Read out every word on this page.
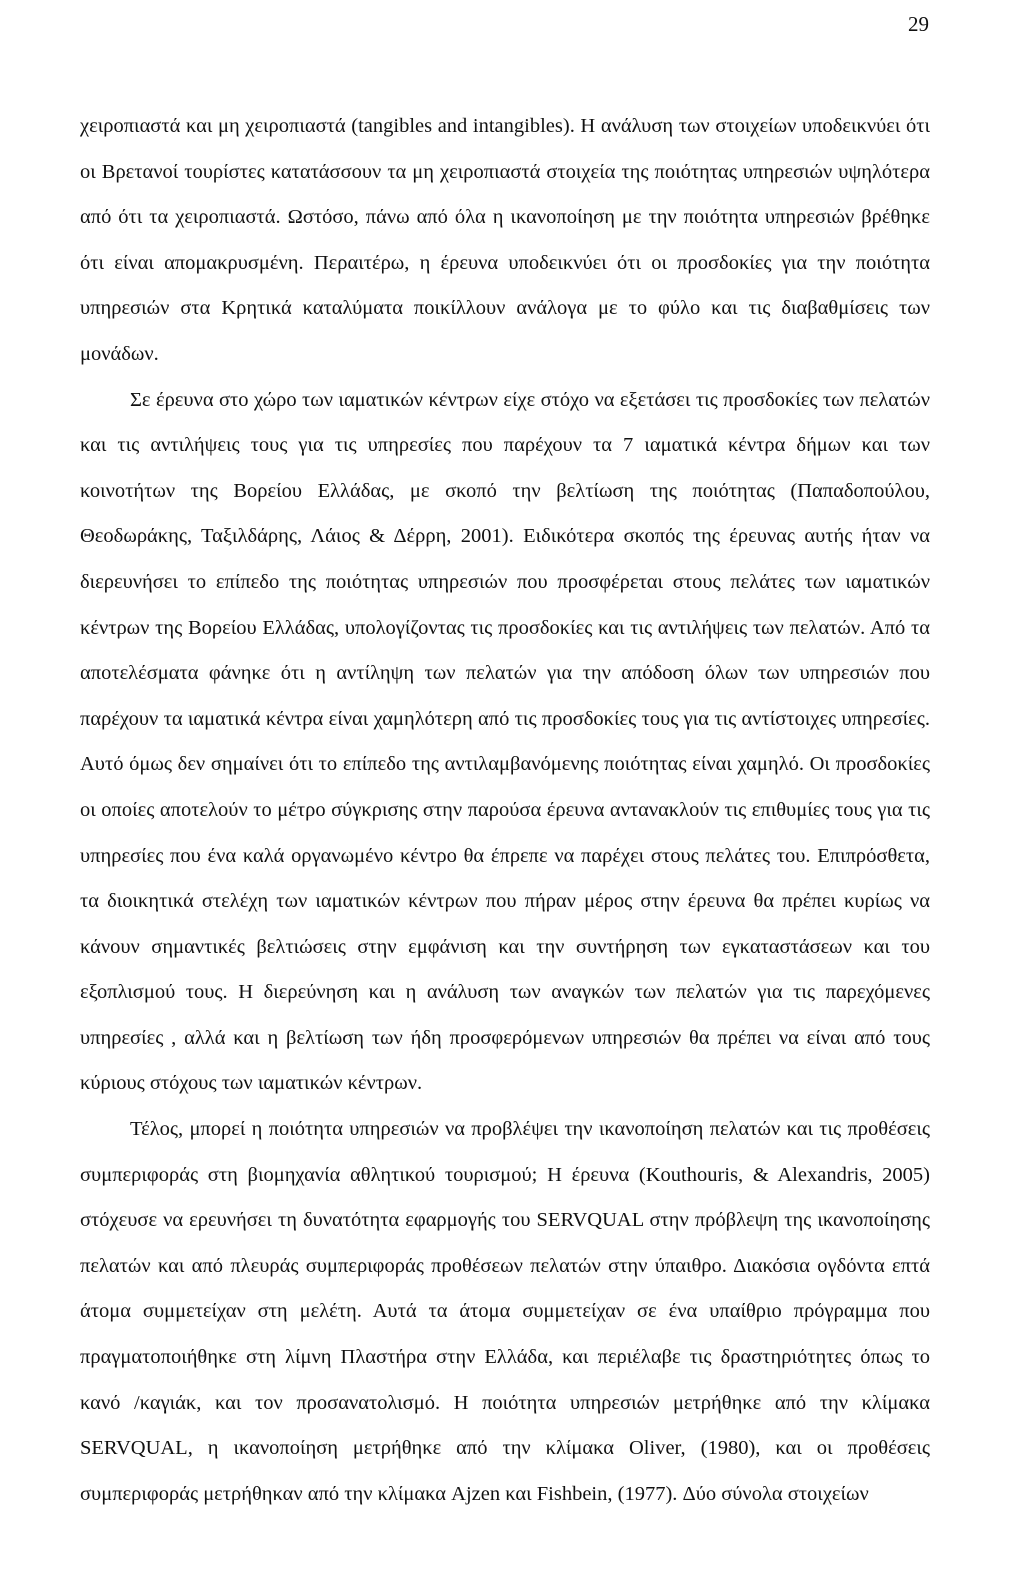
29

χειροπιαστά και μη χειροπιαστά (tangibles and intangibles). Η ανάλυση των στοιχείων υποδεικνύει ότι οι Βρετανοί τουρίστες κατατάσσουν τα μη χειροπιαστά στοιχεία της ποιότητας υπηρεσιών υψηλότερα από ότι τα χειροπιαστά. Ωστόσο, πάνω από όλα η ικανοποίηση με την ποιότητα υπηρεσιών βρέθηκε ότι είναι απομακρυσμένη. Περαιτέρω, η έρευνα υποδεικνύει ότι οι προσδοκίες για την ποιότητα υπηρεσιών στα Κρητικά καταλύματα ποικίλλουν ανάλογα με το φύλο και τις διαβαθμίσεις των μονάδων.

Σε έρευνα στο χώρο των ιαματικών κέντρων είχε στόχο να εξετάσει τις προσδοκίες των πελατών και τις αντιλήψεις τους για τις υπηρεσίες που παρέχουν τα 7 ιαματικά κέντρα δήμων και των κοινοτήτων της Βορείου Ελλάδας, με σκοπό την βελτίωση της ποιότητας (Παπαδοπούλου, Θεοδωράκης, Ταξιλδάρης, Λάιος & Δέρρη, 2001). Ειδικότερα σκοπός της έρευνας αυτής ήταν να διερευνήσει το επίπεδο της ποιότητας υπηρεσιών που προσφέρεται στους πελάτες των ιαματικών κέντρων της Βορείου Ελλάδας, υπολογίζοντας τις προσδοκίες και τις αντιλήψεις των πελατών. Από τα αποτελέσματα φάνηκε ότι η αντίληψη των πελατών για την απόδοση όλων των υπηρεσιών που παρέχουν τα ιαματικά κέντρα είναι χαμηλότερη από τις προσδοκίες τους για τις αντίστοιχες υπηρεσίες. Αυτό όμως δεν σημαίνει ότι το επίπεδο της αντιλαμβανόμενης ποιότητας είναι χαμηλό. Οι προσδοκίες οι οποίες αποτελούν το μέτρο σύγκρισης στην παρούσα έρευνα αντανακλούν τις επιθυμίες τους για τις υπηρεσίες που ένα καλά οργανωμένο κέντρο θα έπρεπε να παρέχει στους πελάτες του. Επιπρόσθετα, τα διοικητικά στελέχη των ιαματικών κέντρων που πήραν μέρος στην έρευνα θα πρέπει κυρίως να κάνουν σημαντικές βελτιώσεις στην εμφάνιση και την συντήρηση των εγκαταστάσεων και του εξοπλισμού τους. Η διερεύνηση και η ανάλυση των αναγκών των πελατών για τις παρεχόμενες υπηρεσίες , αλλά και η βελτίωση των ήδη προσφερόμενων υπηρεσιών θα πρέπει να είναι από τους κύριους στόχους των ιαματικών κέντρων.

Τέλος, μπορεί η ποιότητα υπηρεσιών να προβλέψει την ικανοποίηση πελατών και τις προθέσεις συμπεριφοράς στη βιομηχανία αθλητικού τουρισμού; Η έρευνα (Kouthouris, & Alexandris, 2005) στόχευσε να ερευνήσει τη δυνατότητα εφαρμογής του SERVQUAL στην πρόβλεψη της ικανοποίησης πελατών και από πλευράς συμπεριφοράς προθέσεων πελατών στην ύπαιθρο. Διακόσια ογδόντα επτά άτομα συμμετείχαν στη μελέτη. Αυτά τα άτομα συμμετείχαν σε ένα υπαίθριο πρόγραμμα που πραγματοποιήθηκε στη λίμνη Πλαστήρα στην Ελλάδα, και περιέλαβε τις δραστηριότητες όπως το κανό /καγιάκ, και τον προσανατολισμό. Η ποιότητα υπηρεσιών μετρήθηκε από την κλίμακα SERVQUAL, η ικανοποίηση μετρήθηκε από την κλίμακα Oliver, (1980), και οι προθέσεις συμπεριφοράς μετρήθηκαν από την κλίμακα Ajzen και Fishbein, (1977). Δύο σύνολα στοιχείων
